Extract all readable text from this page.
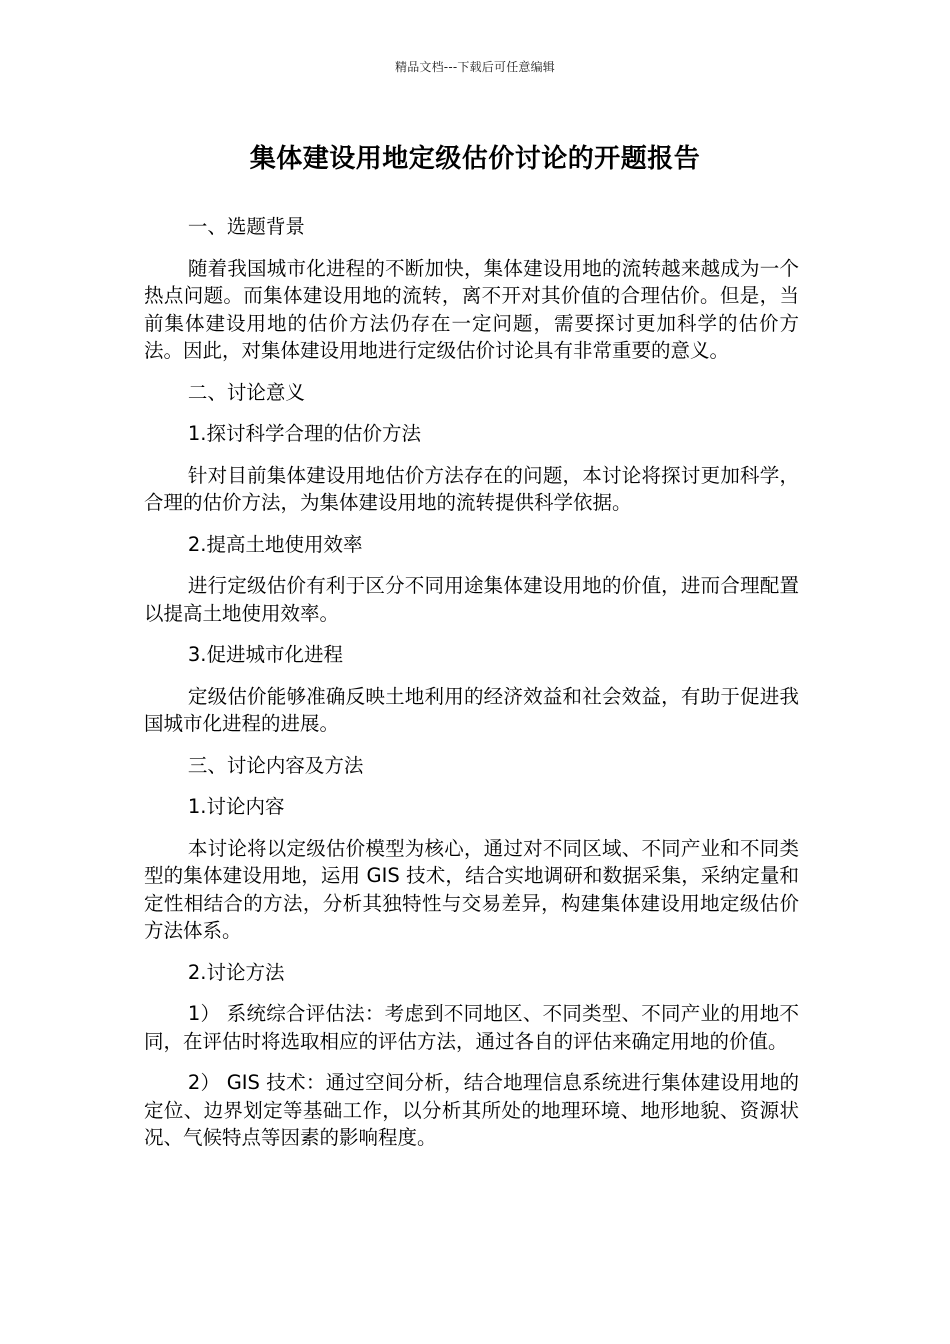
精品文档---下载后可任意编辑
集体建设用地定级估价讨论的开题报告

一、选题背景

随着我国城市化进程的不断加快，集体建设用地的流转越来越成为一个热点问题。而集体建设用地的流转，离不开对其价值的合理估价。但是，当前集体建设用地的估价方法仍存在一定问题，需要探讨更加科学的估价方法。因此，对集体建设用地进行定级估价讨论具有非常重要的意义。

二、讨论意义

1.探讨科学合理的估价方法

针对目前集体建设用地估价方法存在的问题，本讨论将探讨更加科学，合理的估价方法，为集体建设用地的流转提供科学依据。

2.提高土地使用效率

进行定级估价有利于区分不同用途集体建设用地的价值，进而合理配置以提高土地使用效率。

3.促进城市化进程

定级估价能够准确反映土地利用的经济效益和社会效益，有助于促进我国城市化进程的进展。

三、讨论内容及方法

1.讨论内容

本讨论将以定级估价模型为核心，通过对不同区域、不同产业和不同类型的集体建设用地，运用 GIS 技术，结合实地调研和数据采集，采纳定量和定性相结合的方法，分析其独特性与交易差异，构建集体建设用地定级估价方法体系。

2.讨论方法

1） 系统综合评估法：考虑到不同地区、不同类型、不同产业的用地不同，在评估时将选取相应的评估方法，通过各自的评估来确定用地的价值。

2） GIS 技术：通过空间分析，结合地理信息系统进行集体建设用地的定位、边界划定等基础工作，以分析其所处的地理环境、地形地貌、资源状况、气候特点等因素的影响程度。
